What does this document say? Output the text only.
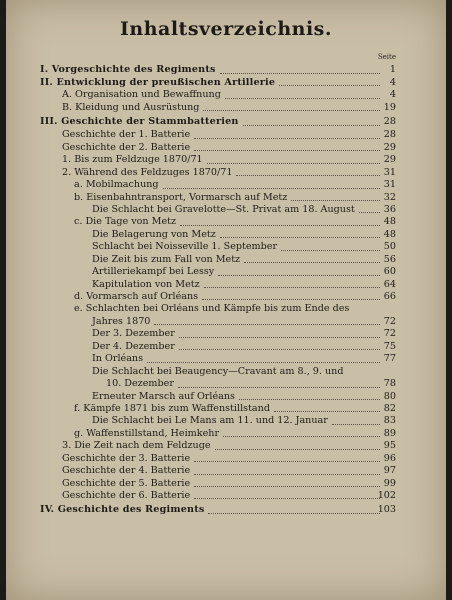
Inhaltsverzeichnis.
Seite
I. Vorgeschichte des Regiments	1
II. Entwicklung der preußischen Artillerie	4
A. Organisation und Bewaffnung	4
B. Kleidung und Ausrüstung	19
III. Geschichte der Stammbatterien	28
Geschichte der 1. Batterie	28
Geschichte der 2. Batterie	29
1. Bis zum Feldzuge 1870/71	29
2. Während des Feldzuges 1870/71	31
a. Mobilmachung	31
b. Eisenbahntransport, Vormarsch auf Metz	32
Die Schlacht bei Gravelotte—St. Privat am 18. August	36
c. Die Tage von Metz	48
Die Belagerung von Metz	48
Schlacht bei Noisseville 1. September	50
Die Zeit bis zum Fall von Metz	56
Artilleriekampf bei Lessy	60
Kapitulation von Metz	64
d. Vormarsch auf Orléans	66
e. Schlachten bei Orléans und Kämpfe bis zum Ende des
Jahres 1870	72
Der 3. Dezember	72
Der 4. Dezember	75
In Orléans	77
Die Schlacht bei Beaugency—Cravant am 8., 9. und
10. Dezember	78
Erneuter Marsch auf Orléans	80
f. Kämpfe 1871 bis zum Waffenstillstand	82
Die Schlacht bei Le Mans am 11. und 12. Januar	83
g. Waffenstillstand, Heimkehr	89
3. Die Zeit nach dem Feldzuge	95
Geschichte der 3. Batterie	96
Geschichte der 4. Batterie	97
Geschichte der 5. Batterie	99
Geschichte der 6. Batterie	102
IV. Geschichte des Regiments	103
